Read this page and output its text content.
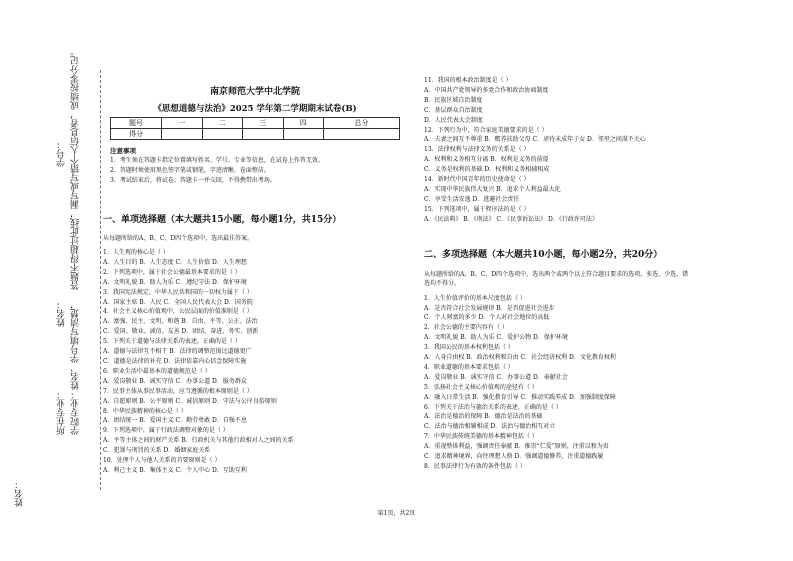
学号： 答题不得超过此线，漏写或写错个人信息者，成绩按零分记。
姓名： 姓名、学号填写清楚，
所在专业： 学院专业：
姓名：
南京师范大学中北学院
《思想道德与法治》2025 学年第二学期期末试卷(B)
题号	一	二	三	四	总分
得分					
注意事项
1．考生须在答题卡指定位置填写姓名、学号、专业等信息，在试卷上作答无效。
2．答题时须使用黑色签字笔或钢笔，字迹清晰，卷面整洁。
3．考试结束后，将试卷、答题卡一并交回，不得携带出考场。
一、单项选择题（本大题共15小题，每小题1分，共15分）
从每题所给的A、B、C、D四个选项中，选出最佳答案。
1．人生观的核心是（ ）
A．人生目的 B．人生态度 C．人生价值 D．人生理想
2．下列选项中，属于社会公德最基本要求的是（ ）
A．文明礼貌 B．助人为乐 C．遵纪守法 D．保护环境
3．我国宪法规定，中华人民共和国的一切权力属于（ ）
A．国家主席 B．人民 C．全国人民代表大会 D．国务院
4．社会主义核心价值观中，公民层面的价值准则是（ ）
A．富强、民主、文明、和谐 B．自由、平等、公正、法治
C．爱国、敬业、诚信、友善 D．团结、奋进、务实、创新
5．下列关于道德与法律关系的表述，正确的是（ ）
A．道德与法律互不相干 B．法律的调整范围比道德更广
C．道德是法律的补充 D．法律依靠内心信念保障实施
6．职业生活中最基本的道德规范是（ ）
A．爱岗敬业 B．诚实守信 C．办事公道 D．服务群众
7．民事主体从事民事活动，应当遵循的根本原则是（ ）
A．自愿原则 B．公平原则 C．诚信原则 D．守法与公序良俗原则
8．中华民族精神的核心是（ ）
A．团结统一 B．爱国主义 C．勤劳勇敢 D．自强不息
9．下列选项中，属于行政法调整对象的是（ ）
A．平等主体之间的财产关系 B．行政机关与其他行政相对人之间的关系
C．犯罪与刑罚的关系 D．婚姻家庭关系
10．处理个人与他人关系的首要原则是（ ）
A．利己主义 B．集体主义 C．个人中心 D．互助互利
11．我国的根本政治制度是（ ）
A．中国共产党领导的多党合作和政治协商制度
B．民族区域自治制度
C．基层群众自治制度
D．人民代表大会制度
12．下列行为中，符合家庭美德要求的是（ ）
A．夫妻之间互不尊重 B．赡养扶助父母 C．虐待未成年子女 D．邻里之间漠不关心
13．法律权利与法律义务的关系是（ ）
A．权利和义务相互分离 B．权利是义务的前提
C．义务是权利的基础 D．权利和义务相辅相成
14．新时代中国青年的历史使命是（ ）
A．实现中华民族伟大复兴 B．追求个人利益最大化
C．享受生活安逸 D．逃避社会责任
15．下列选项中，属于程序法的是（ ）
A．《民法典》 B．《刑法》 C．《民事诉讼法》 D．《行政许可法》
二、多项选择题（本大题共10小题，每小题2分，共20分）
从每题所给的A、B、C、D四个选项中，选出两个或两个以上符合题目要求的选项，多选、少选、错选均不得分。
1．人生价值评价的基本尺度包括（ ）
A．是否符合社会发展规律 B．是否促进社会进步
C．个人财富的多少 D．个人对社会地位的高低
2．社会公德的主要内容有（ ）
A．文明礼貌 B．助人为乐 C．爱护公物 D．保护环境
3．我国公民的基本权利包括（ ）
A．人身自由权 B．政治权利和自由 C．社会经济权利 D．文化教育权利
4．职业道德的基本要求包括（ ）
A．爱岗敬业 B．诚实守信 C．办事公道 D．奉献社会
5．弘扬社会主义核心价值观的途径有（ ）
A．融入日常生活 B．强化教育引导 C．推动实践养成 D．加强制度保障
6．下列关于法治与德治关系的表述，正确的是（ ）
A．法治是德治的保障 B．德治是法治的基础
C．法治与德治相辅相成 D．法治与德治相互对立
7．中华民族传统美德的基本精神包括（ ）
A．重视整体利益，强调责任奉献 B．推崇“仁爱”原则，注重以和为贵
C．追求精神境界，向往理想人格 D．强调道德修养，注重道德践履
8．民事法律行为有效的条件包括（ ）
第1页，共2页
